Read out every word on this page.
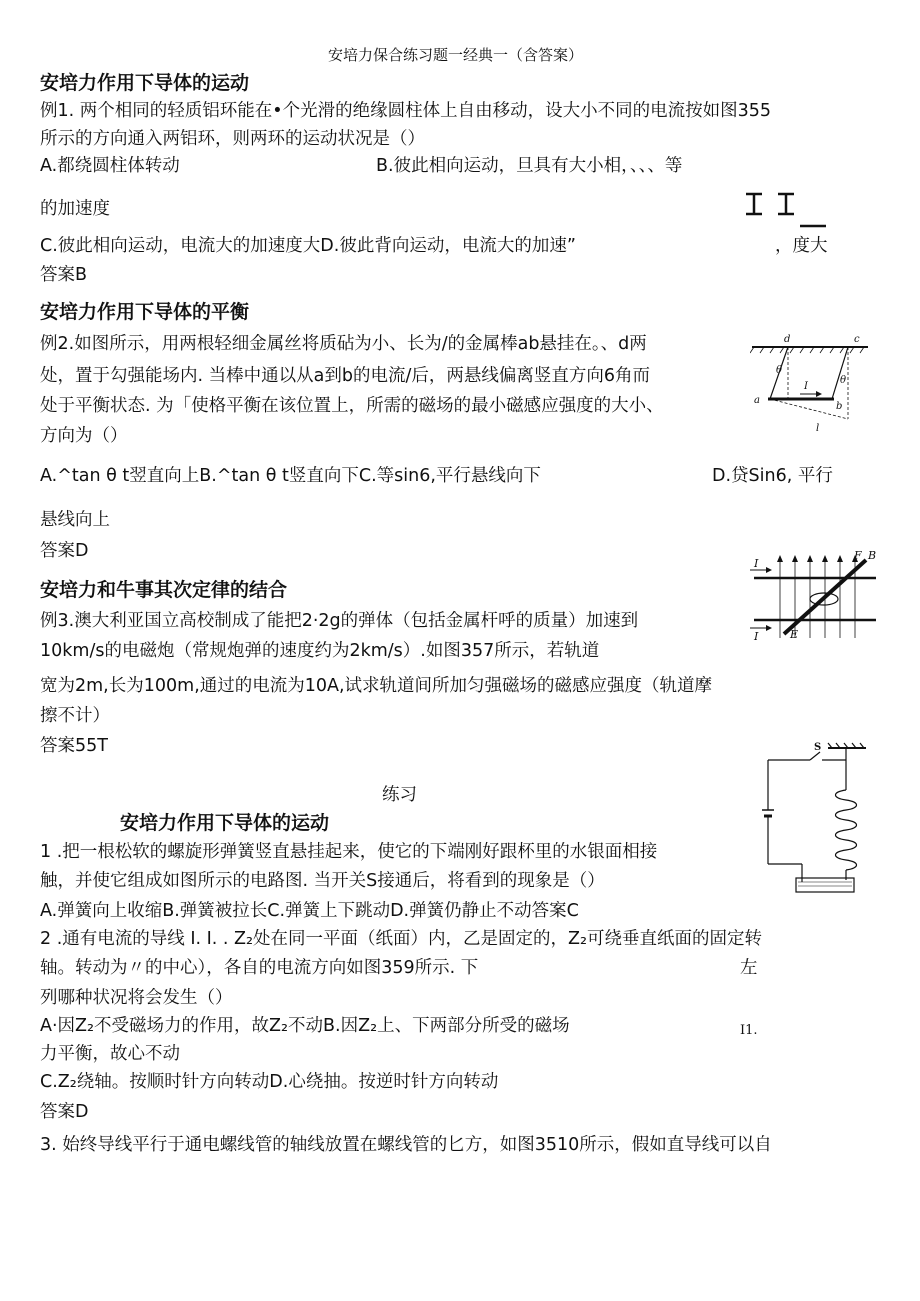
安培力保合练习题一经典一（含答案）
安培力作用下导体的运动
例1. 两个相同的轻质铝环能在•个光滑的绝缘圆柱体上自由移动，设大小不同的电流按如图355
所示的方向通入两铝环，则两环的运动状况是（）
A.都绕圆柱体转动	B.彼此相向运动，旦具有大小相，、、、等
的加速度
C.彼此相向运动，电流大的加速度大D.彼此背向运动，电流大的加速”	，度大
答案B
安培力作用下导体的平衡
例2.如图所示，用两根轻细金属丝将质砧为小、长为/的金属棒ab悬挂在。、d两
处，置于勾强能场内. 当棒中通以从a到b的电流/后，两悬线偏离竖直方向6角而
处于平衡状态. 为「使格平衡在该位置上，所需的磁场的最小磁感应强度的大小、
方向为（）
A.^tan θ t翌直向上B.^tan θ t竖直向下C.等sin6,平行悬线向下	D.贷Sin6, 平行
悬线向上
答案D
d	c
θ
θ
I
a
b
l
安培力和牛事其次定律的结合
例3.澳大利亚国立高校制成了能把2·2g的弹体（包括金属杆呼的质量）加速到
10km/s的电磁炮（常规炮弹的速度约为2km/s）.如图357所示，若轨道
宽为2m,长为100m,通过的电流为10A,试求轨道间所加匀强磁场的磁感应强度（轨道摩
擦不计）
答案55T
I
I
F B
E
练习
安培力作用下导体的运动
1 .把一根松软的螺旋形弹簧竖直悬挂起来，使它的下端刚好跟杯里的水银面相接
触，并使它组成如图所示的电路图. 当开关S接通后，将看到的现象是（）
A.弹簧向上收缩B.弹簧被拉长C.弹簧上下跳动D.弹簧仍静止不动答案C
S
2 .通有电流的导线 I. I. . Z₂处在同一平面（纸面）内，乙是固定的，Z₂可绕垂直纸面的固定转
轴。转动为〃的中心），各自的电流方向如图359所示. 下	左
列哪种状况将会发生（）
A·因Z₂不受磁场力的作用，故Z₂不动B.因Z₂上、下两部分所受的磁场	I1.
力平衡，故心不动
C.Z₂绕轴。按顺时针方向转动D.心绕抽。按逆时针方向转动
答案D
3. 始终导线平行于通电螺线管的轴线放置在螺线管的匕方，如图3510所示，假如直导线可以自
